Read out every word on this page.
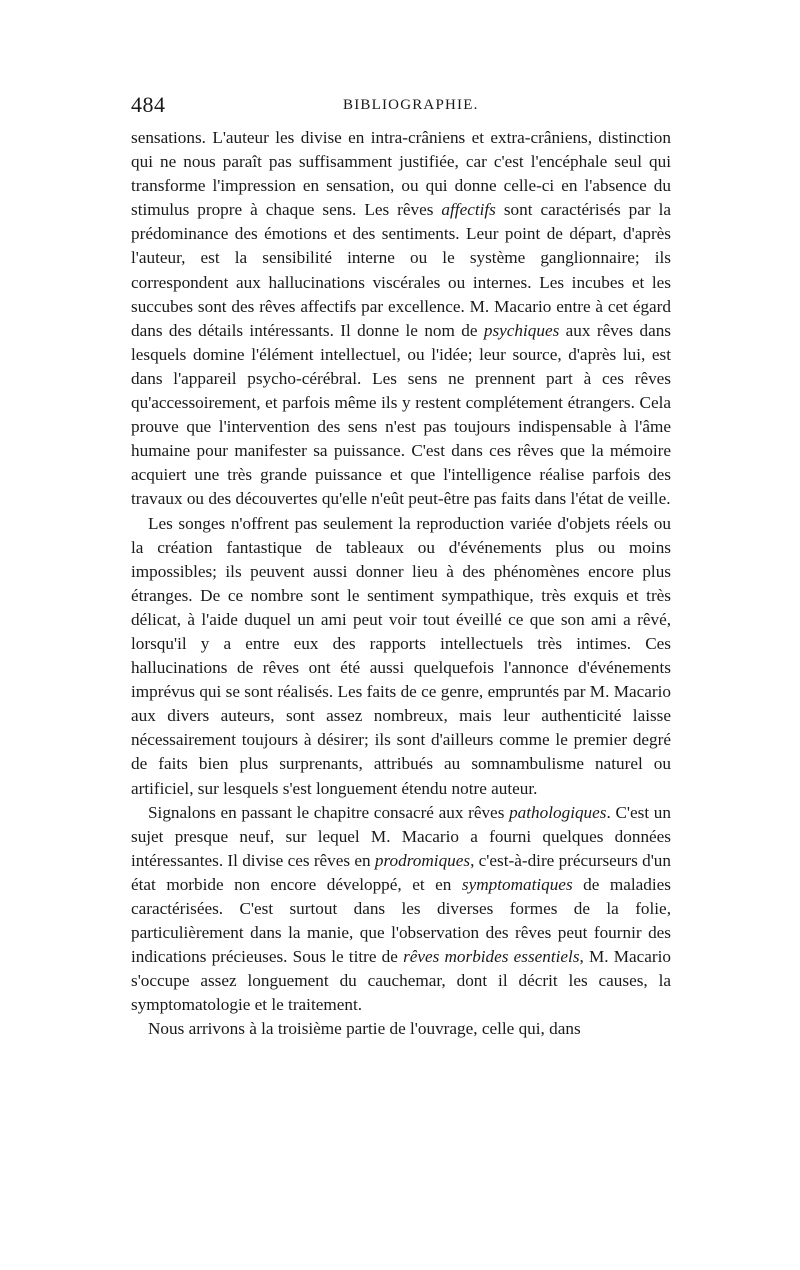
484	BIBLIOGRAPHIE.

sensations. L'auteur les divise en intra-crâniens et extra-crâniens, distinction qui ne nous paraît pas suffisamment justifiée, car c'est l'encéphale seul qui transforme l'impression en sensation, ou qui donne celle-ci en l'absence du stimulus propre à chaque sens. Les rêves affectifs sont caractérisés par la prédominance des émotions et des sentiments. Leur point de départ, d'après l'auteur, est la sensibilité interne ou le système ganglionnaire; ils correspondent aux hallucinations viscérales ou internes. Les incubes et les succubes sont des rêves affectifs par excellence. M. Macario entre à cet égard dans des détails intéressants. Il donne le nom de psychiques aux rêves dans lesquels domine l'élément intellectuel, ou l'idée; leur source, d'après lui, est dans l'appareil psycho-cérébral. Les sens ne prennent part à ces rêves qu'accessoirement, et parfois même ils y restent complétement étrangers. Cela prouve que l'intervention des sens n'est pas toujours indispensable à l'âme humaine pour manifester sa puissance. C'est dans ces rêves que la mémoire acquiert une très grande puissance et que l'intelligence réalise parfois des travaux ou des découvertes qu'elle n'eût peut-être pas faits dans l'état de veille.

Les songes n'offrent pas seulement la reproduction variée d'objets réels ou la création fantastique de tableaux ou d'événements plus ou moins impossibles; ils peuvent aussi donner lieu à des phénomènes encore plus étranges. De ce nombre sont le sentiment sympathique, très exquis et très délicat, à l'aide duquel un ami peut voir tout éveillé ce que son ami a rêvé, lorsqu'il y a entre eux des rapports intellectuels très intimes. Ces hallucinations de rêves ont été aussi quelquefois l'annonce d'événements imprévus qui se sont réalisés. Les faits de ce genre, empruntés par M. Macario aux divers auteurs, sont assez nombreux, mais leur authenticité laisse nécessairement toujours à désirer; ils sont d'ailleurs comme le premier degré de faits bien plus surprenants, attribués au somnambulisme naturel ou artificiel, sur lesquels s'est longuement étendu notre auteur.

Signalons en passant le chapitre consacré aux rêves pathologiques. C'est un sujet presque neuf, sur lequel M. Macario a fourni quelques données intéressantes. Il divise ces rêves en prodromiques, c'est-à-dire précurseurs d'un état morbide non encore développé, et en symptomatiques de maladies caractérisées. C'est surtout dans les diverses formes de la folie, particulièrement dans la manie, que l'observation des rêves peut fournir des indications précieuses. Sous le titre de rêves morbides essentiels, M. Macario s'occupe assez longuement du cauchemar, dont il décrit les causes, la symptomatologie et le traitement.

Nous arrivons à la troisième partie de l'ouvrage, celle qui, dans
